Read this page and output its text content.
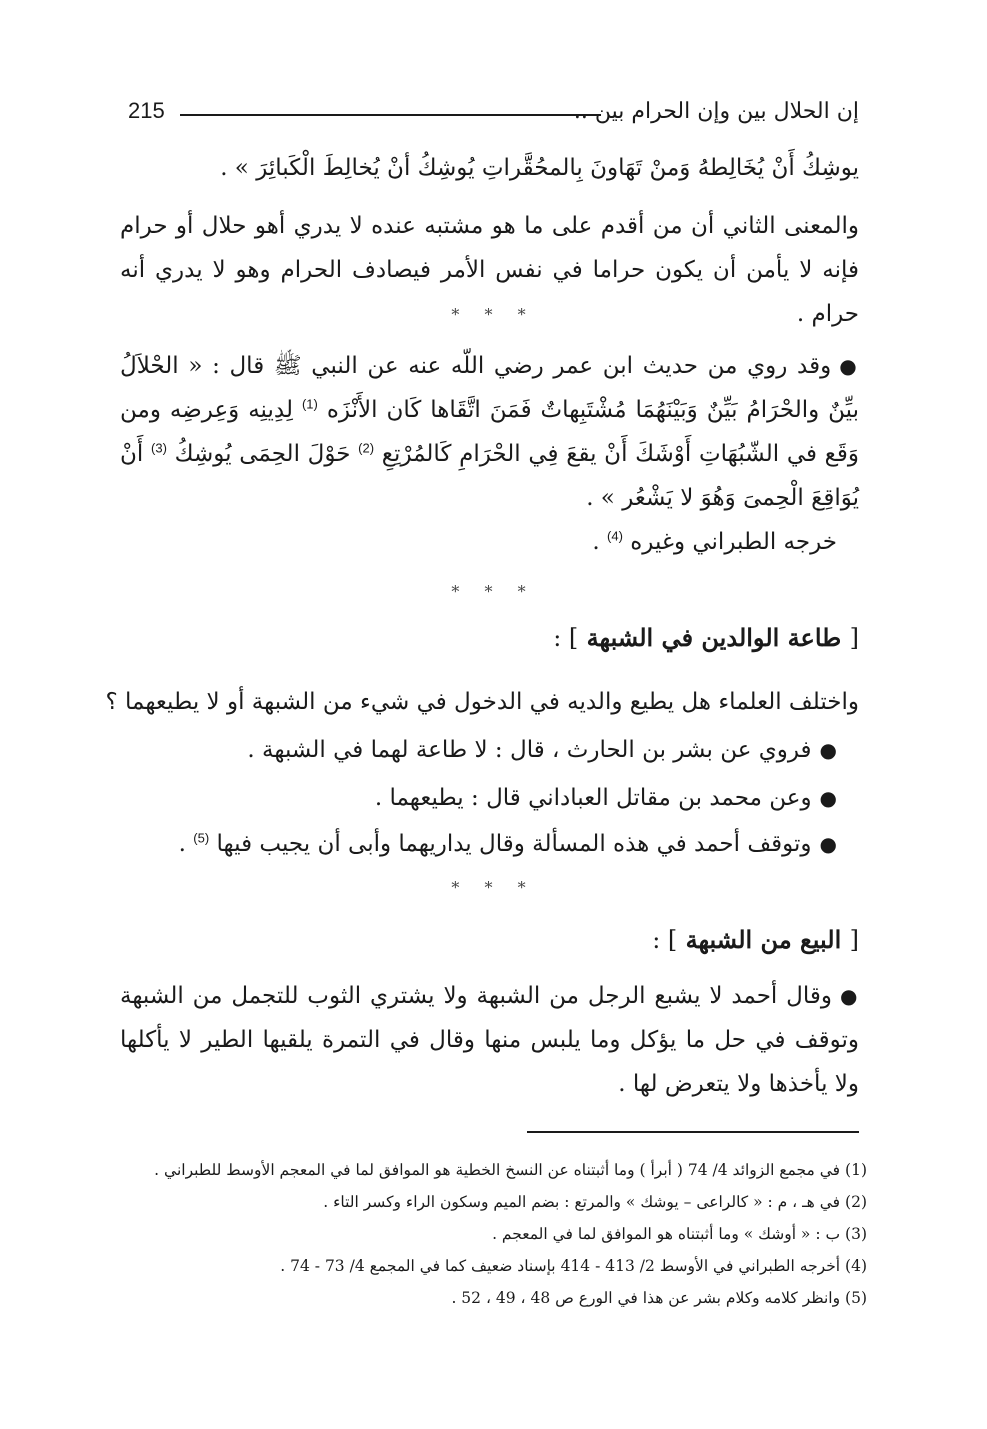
إن الحلال بين وإن الحرام بين ..
215
يوشِكُ أَنْ يُخَالِطهُ وَمنْ تَهَاونَ بِالمحُقَّراتِ يُوشِكُ أنْ يُخالِطَ الْكَبائِرَ » .
والمعنى الثاني أن من أقدم على ما هو مشتبه عنده لا يدري أهو حلال أو حرام فإنه لا يأمن أن يكون حراما في نفس الأمر فيصادف الحرام وهو لا يدري أنه حرام .
* * *
●وقد روي من حديث ابن عمر رضي اللّه عنه عن النبي ﷺ قال : « الحْلاَلُ بيِّنٌ والحْرَامُ بَيِّنٌ وَبَيْنَهُمَا مُشْتَبِهاتٌ فَمَنَ اتَّقَاها كَان الأَنْزَه $^{(1)}$ لِدِينِه وَعِرضِه ومن وَقَع في الشّبُهَاتِ أَوْشَكَ أَنْ يقعَ فِي الحْرَامِ كَالمُرْتِعِ $^{(2)}$ حَوْلَ الحِمَى يُوشِكُ $^{(3)}$ أَنْ يُوَاقِعَ الْحِمىَ وَهُوَ لا يَشْعُر » .
خرجه الطبراني وغيره $^{(4)}$ .
* * *
[ طاعة الوالدين في الشبهة ] :
واختلف العلماء هل يطيع والديه في الدخول في شيء من الشبهة أو لا يطيعهما ؟
●فروي عن بشر بن الحارث ، قال : لا طاعة لهما في الشبهة .
●وعن محمد بن مقاتل العباداني قال : يطيعهما .
●وتوقف أحمد في هذه المسألة وقال يداريهما وأبى أن يجيب فيها $^{(5)}$ .
* * *
[ البيع من الشبهة ] :
●وقال أحمد لا يشبع الرجل من الشبهة ولا يشتري الثوب للتجمل من الشبهة وتوقف في حل ما يؤكل وما يلبس منها وقال في التمرة يلقيها الطير لا يأكلها ولا يأخذها ولا يتعرض لها .
(1) في مجمع الزوائد 4/ 74 ( أبرأ ) وما أثبتناه عن النسخ الخطية هو الموافق لما في المعجم الأوسط للطبراني .
(2) في هـ ، م : « كالراعى – يوشك » والمرتع : بضم الميم وسكون الراء وكسر التاء .
(3) ب : « أوشك » وما أثبتناه هو الموافق لما في المعجم .
(4) أخرجه الطبراني في الأوسط 2/ 413 - 414 بإسناد ضعيف كما في المجمع 4/ 73 - 74 .
(5) وانظر كلامه وكلام بشر عن هذا في الورع ص 48 ، 49 ، 52 .
